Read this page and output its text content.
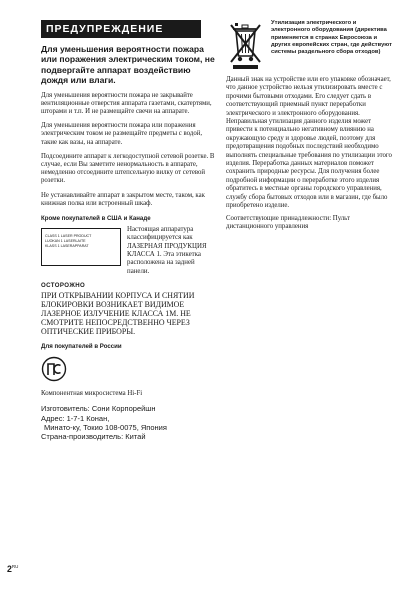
ПРЕДУПРЕЖДЕНИЕ
Для уменьшения вероятности пожара или поражения электрическим током, не подвергайте аппарат воздействию дождя или влаги.
Для уменьшения вероятности пожара не закрывайте вентиляционные отверстия аппарата газетами, скатертями, шторами и т.п. И не размещайте свечи на аппарате.
Для уменьшения вероятности пожара или поражения электрическим током не размещайте предметы с водой, такие как вазы, на аппарате.
Подсоедините аппарат к легкодоступной сетевой розетке. В случае, если Вы заметите ненормальность в аппарате, немедленно отсоедините штепсельную вилку от сетевой розетки.
Не устанавливайте аппарат в закрытом месте, таком, как книжная полка или встроенный шкаф.
Кроме покупателей в США и Канаде
CLASS 1 LASER PRODUCT
LUOKAN 1 LASERLAITE
KLASS 1 LASERAPPARAT
Настоящая аппаратура классифицируется как ЛАЗЕРНАЯ ПРОДУКЦИЯ КЛАССА 1. Эта этикетка расположена на задней панели.
ОСТОРОЖНО
ПРИ ОТКРЫВАНИИ КОРПУСА И СНЯТИИ БЛОКИРОВКИ ВОЗНИКАЕТ ВИДИМОЕ ЛАЗЕРНОЕ ИЗЛУЧЕНИЕ КЛАССА 1M. НЕ СМОТРИТЕ НЕПОСРЕДСТВЕННО ЧЕРЕЗ ОПТИЧЕСКИЕ ПРИБОРЫ.
Для покупателей в России
Компонентная микросистема Hi-Fi
Изготовитель: Сони Корпорейшн
Адрес: 1-7-1 Конан,
Минато-ку, Токио 108-0075, Япония
Страна-производитель: Китай
Утилизация электрического и электронного оборудования (директива применяется в странах Евросоюза и других европейских стран, где действуют системы раздельного сбора отходов)
Данный знак на устройстве или его упаковке обозначает, что данное устройство нельзя утилизировать вместе с прочими бытовыми отходами. Его следует сдать в соответствующий приемный пункт переработки электрического и электронного оборудования. Неправильная утилизация данного изделия может привести к потенциально негативному влиянию на окружающую среду и здоровье людей, поэтому для предотвращения подобных последствий необходимо выполнять специальные требования по утилизации этого изделия. Переработка данных материалов поможет сохранить природные ресурсы. Для получения более подробной информации о переработке этого изделия обратитесь в местные органы городского управления, службу сбора бытовых отходов или в магазин, где было приобретено изделие.
Соответствующие принадлежности: Пульт дистанционного управления
$2^{RU}$
